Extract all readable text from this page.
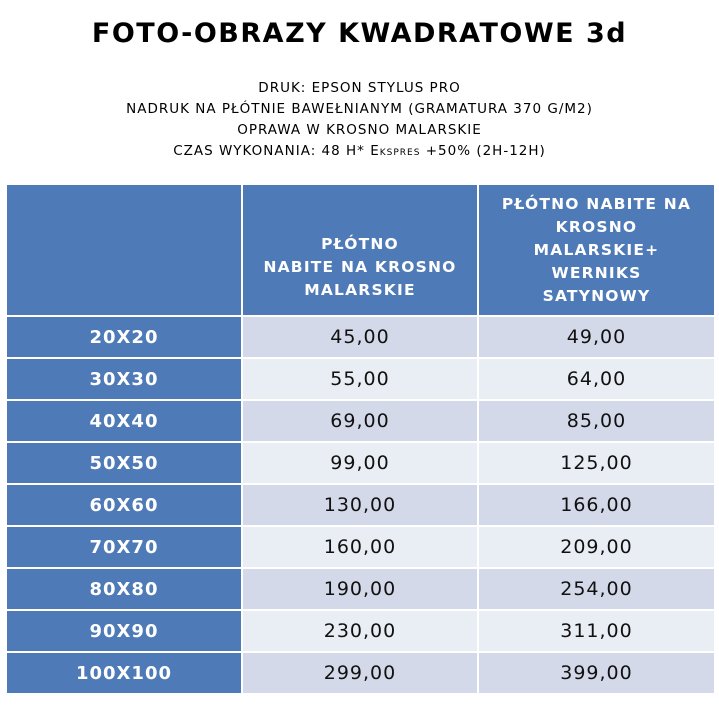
FOTO-OBRAZY KWADRATOWE 3d
DRUK: EPSON STYLUS PRO
NADRUK NA PŁÓTNIE BAWEŁNIANYM (GRAMATURA 370 G/M2)
OPRAWA W KROSNO MALARSKIE
CZAS WYKONANIA: 48 H* Ekspres +50% (2H-12H)

	PŁÓTNO
NABITE NA KROSNO
MALARSKIE	PŁÓTNO NABITE NA
KROSNO
MALARSKIE+
WERNIKS
SATYNOWY

20X20	45,00	49,00
30X30	55,00	64,00
40X40	69,00	85,00
50X50	99,00	125,00
60X60	130,00	166,00
70X70	160,00	209,00
80X80	190,00	254,00
90X90	230,00	311,00
100X100	299,00	399,00
